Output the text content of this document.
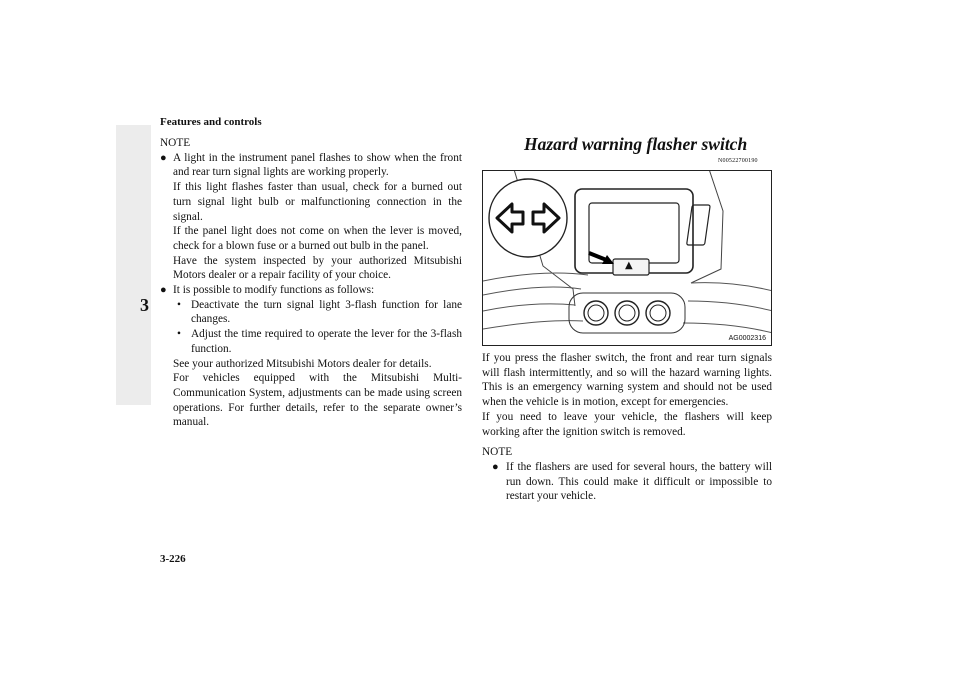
3
Features and controls
NOTE

● A light in the instrument panel flashes to show when the front and rear turn signal lights are working properly.

If this light flashes faster than usual, check for a burned out turn signal light bulb or malfunctioning connection in the signal.

If the panel light does not come on when the lever is moved, check for a blown fuse or a burned out bulb in the panel.

Have the system inspected by your authorized Mitsubishi Motors dealer or a repair facility of your choice.

● It is possible to modify functions as follows:

• Deactivate the turn signal light 3-flash function for lane changes.
• Adjust the time required to operate the lever for the 3-flash function.

See your authorized Mitsubishi Motors dealer for details.

For vehicles equipped with the Mitsubishi Multi-Communication System, adjustments can be made using screen operations. For further details, refer to the separate owner’s manual.

Hazard warning flasher switch
N00522700190
▲
AG0002316

If you press the flasher switch, the front and rear turn signals will flash intermittently, and so will the hazard warning lights. This is an emergency warning system and should not be used when the vehicle is in motion, except for emergencies.

If you need to leave your vehicle, the flashers will keep working after the ignition switch is removed.

NOTE

● If the flashers are used for several hours, the battery will run down. This could make it difficult or impossible to restart your vehicle.

3-226
